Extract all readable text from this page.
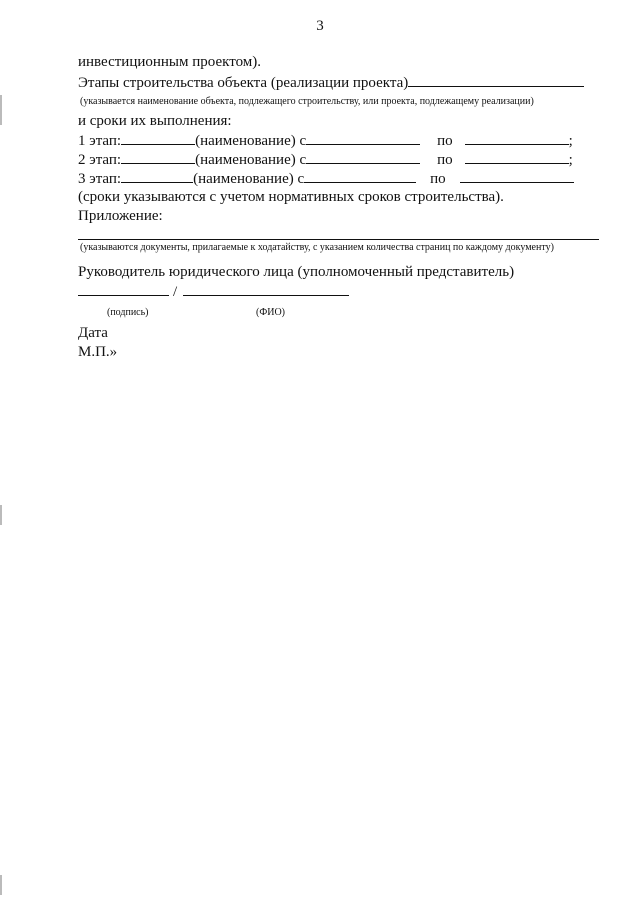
3
инвестиционным проектом).
Этапы строительства объекта (реализации проекта)
(указывается наименование объекта, подлежащего строительству, или проекта, подлежащему реализации)
и сроки их выполнения:
1 этап:	(наименование) с	по	;
2 этап:	(наименование) с	по	;
3 этап:	(наименование) с	по
(сроки указываются с учетом нормативных сроков строительства).
Приложение:
(указываются документы, прилагаемые к ходатайству, с указанием количества страниц по каждому документу)
Руководитель юридического лица (уполномоченный представитель)
/
(подпись)	(ФИО)
Дата
М.П.»
